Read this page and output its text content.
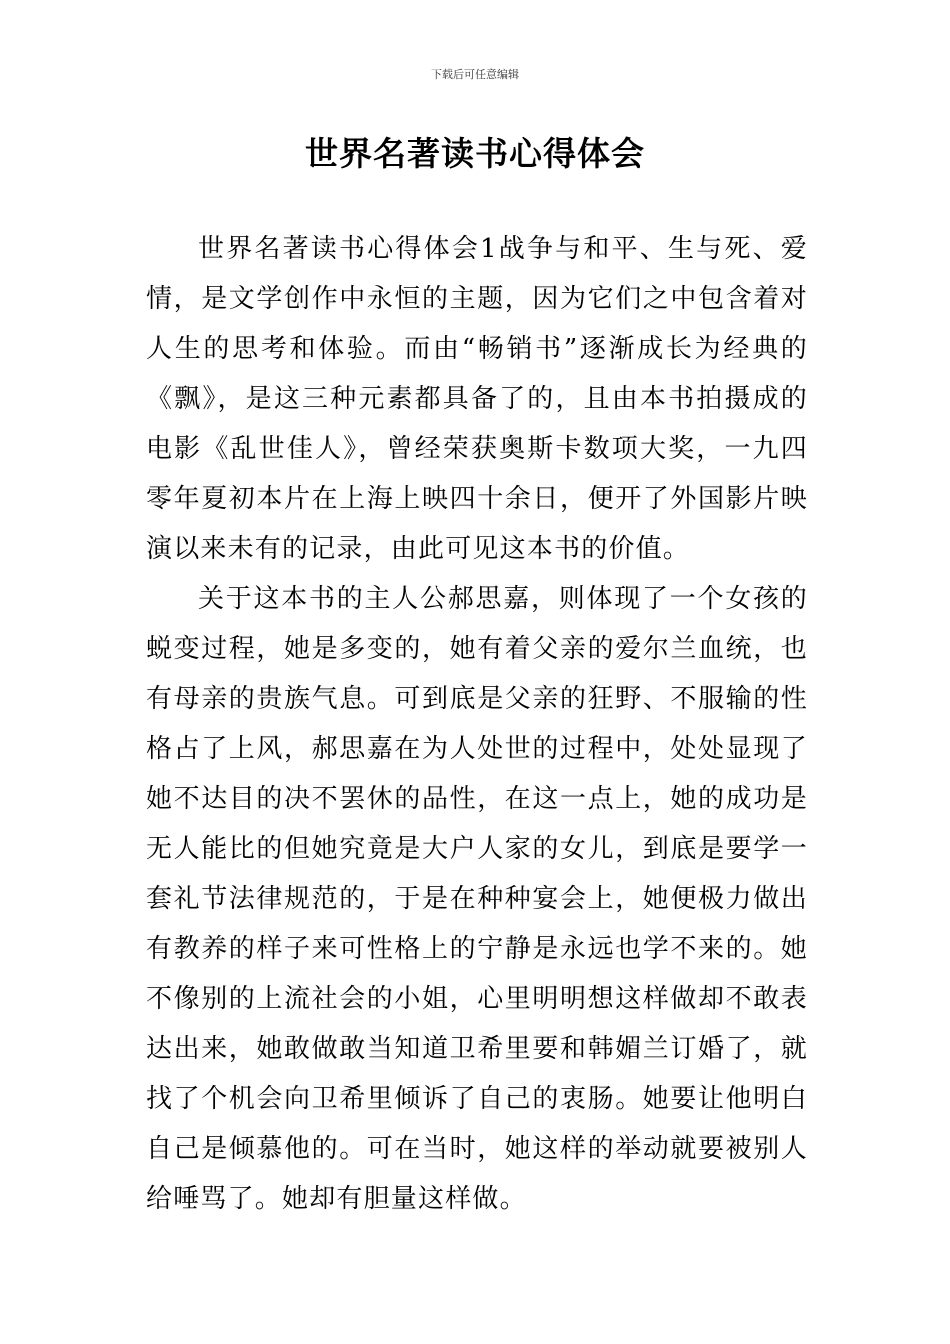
下载后可任意编辑
世界名著读书心得体会

世界名著读书心得体会1战争与和平、生与死、爱情，是文学创作中永恒的主题，因为它们之中包含着对人生的思考和体验。而由“畅销书”逐渐成长为经典的《飘》，是这三种元素都具备了的，且由本书拍摄成的电影《乱世佳人》，曾经荣获奥斯卡数项大奖，一九四零年夏初本片在上海上映四十余日，便开了外国影片映演以来未有的记录，由此可见这本书的价值。

关于这本书的主人公郝思嘉，则体现了一个女孩的蜕变过程，她是多变的，她有着父亲的爱尔兰血统，也有母亲的贵族气息。可到底是父亲的狂野、不服输的性格占了上风，郝思嘉在为人处世的过程中，处处显现了她不达目的决不罢休的品性，在这一点上，她的成功是无人能比的但她究竟是大户人家的女儿，到底是要学一套礼节法律规范的，于是在种种宴会上，她便极力做出有教养的样子来可性格上的宁静是永远也学不来的。她不像别的上流社会的小姐，心里明明想这样做却不敢表达出来，她敢做敢当知道卫希里要和韩媚兰订婚了，就找了个机会向卫希里倾诉了自己的衷肠。她要让他明白自己是倾慕他的。可在当时，她这样的举动就要被别人给唾骂了。她却有胆量这样做。
